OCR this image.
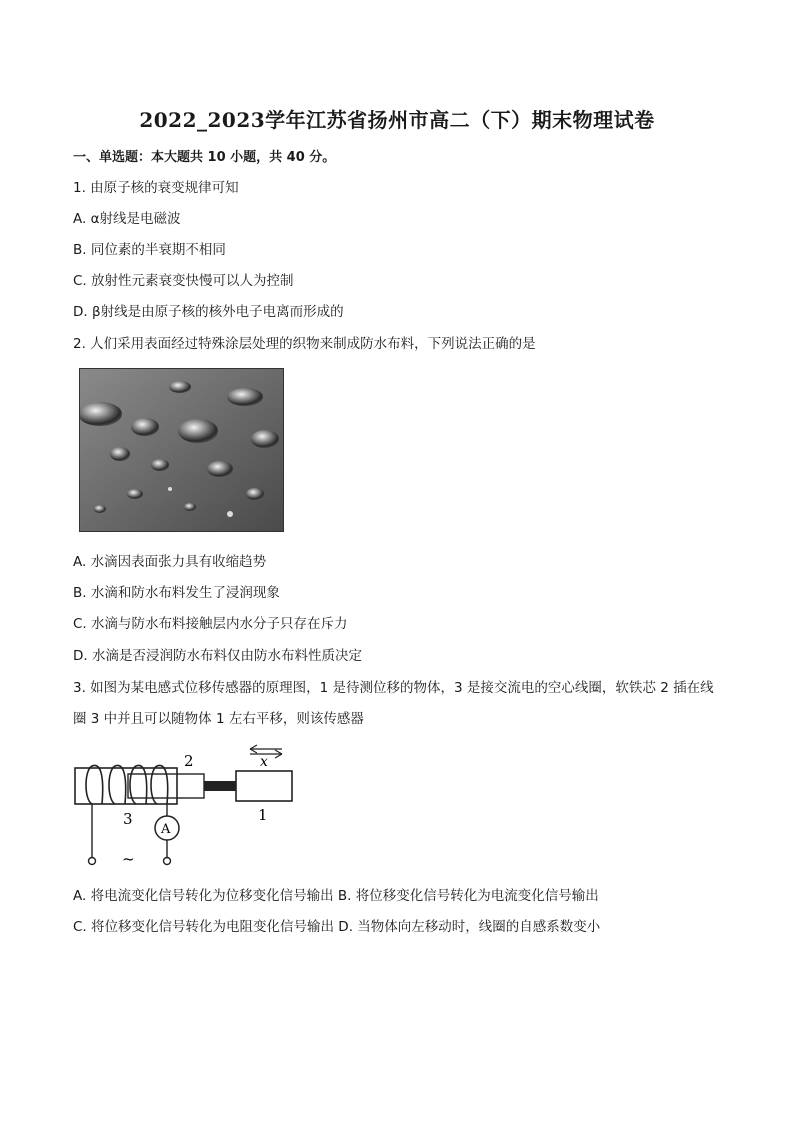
2022_2023学年江苏省扬州市高二（下）期末物理试卷
一、单选题：本大题共 10 小题，共 40 分。
1. 由原子核的衰变规律可知
A. α射线是电磁波
B. 同位素的半衰期不相同
C. 放射性元素衰变快慢可以人为控制
D. β射线是由原子核的核外电子电离而形成的
2. 人们采用表面经过特殊涂层处理的织物来制成防水布料，下列说法正确的是
A. 水滴因表面张力具有收缩趋势
B. 水滴和防水布料发生了浸润现象
C. 水滴与防水布料接触层内水分子只存在斥力
D. 水滴是否浸润防水布料仅由防水布料性质决定
3. 如图为某电感式位移传感器的原理图，1 是待测位移的物体，3 是接交流电的空心线圈，软铁芯 2 插在线
圈 3 中并且可以随物体 1 左右平移，则该传感器
x
2
3	1
A
~
A. 将电流变化信号转化为位移变化信号输出 B. 将位移变化信号转化为电流变化信号输出
C. 将位移变化信号转化为电阻变化信号输出 D. 当物体向左移动时，线圈的自感系数变小
